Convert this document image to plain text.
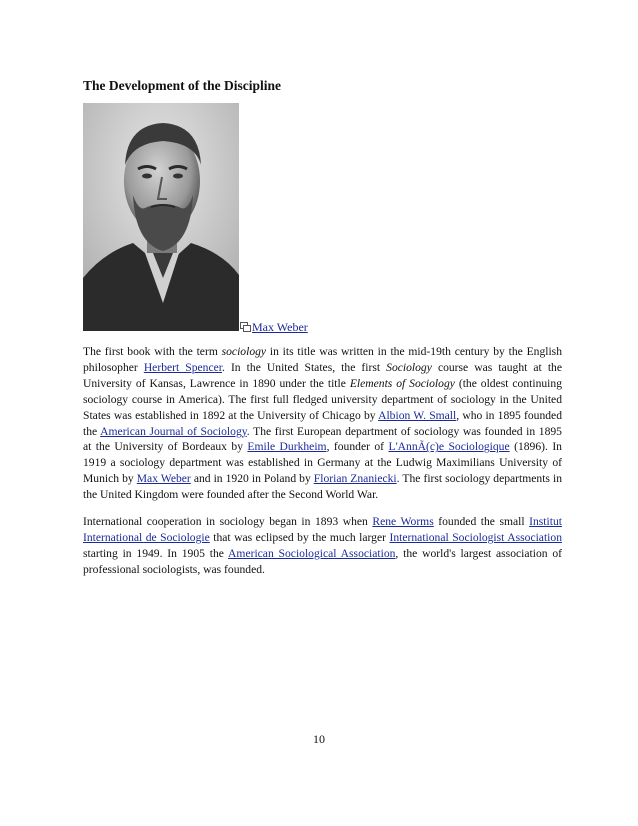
The Development of the Discipline
Max Weber

The first book with the term sociology in its title was written in the mid-19th century by the English philosopher Herbert Spencer. In the United States, the first Sociology course was taught at the University of Kansas, Lawrence in 1890 under the title Elements of Sociology (the oldest continuing sociology course in America). The first full fledged university department of sociology in the United States was established in 1892 at the University of Chicago by Albion W. Small, who in 1895 founded the American Journal of Sociology. The first European department of sociology was founded in 1895 at the University of Bordeaux by Emile Durkheim, founder of L'AnnÃ(c)e Sociologique (1896). In 1919 a sociology department was established in Germany at the Ludwig Maximilians University of Munich by Max Weber and in 1920 in Poland by Florian Znaniecki. The first sociology departments in the United Kingdom were founded after the Second World War.

International cooperation in sociology began in 1893 when Rene Worms founded the small Institut International de Sociologie that was eclipsed by the much larger International Sociologist Association starting in 1949. In 1905 the American Sociological Association, the world's largest association of professional sociologists, was founded.

10
